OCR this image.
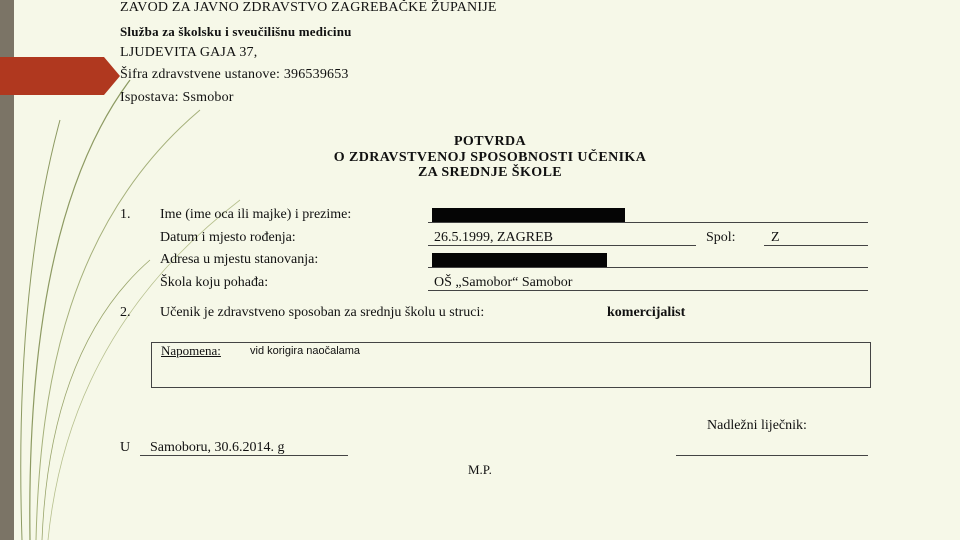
ZAVOD ZA JAVNO ZDRAVSTVO ZAGREBAČKE ŽUPANIJE
Služba za školsku i sveučilišnu medicinu
LJUDEVITA GAJA 37,
Šifra zdravstvene ustanove: 396539653
Ispostava: Ssmobor
POTVRDA
O ZDRAVSTVENOJ SPOSOBNOSTI UČENIKA
ZA SREDNJE ŠKOLE
1. Ime (ime oca ili majke) i prezime:
Datum i mjesto rođenja:	26.5.1999, ZAGREB	Spol:	Z
Adresa u mjestu stanovanja:
Škola koju pohađa:	OŠ „Samobor“ Samobor
2. Učenik je zdravstveno sposoban za srednju školu u struci:	komercijalist
Napomena:	vid korigira naočalama
Nadležni liječnik:
U Samoboru, 30.6.2014. g
M.P.
